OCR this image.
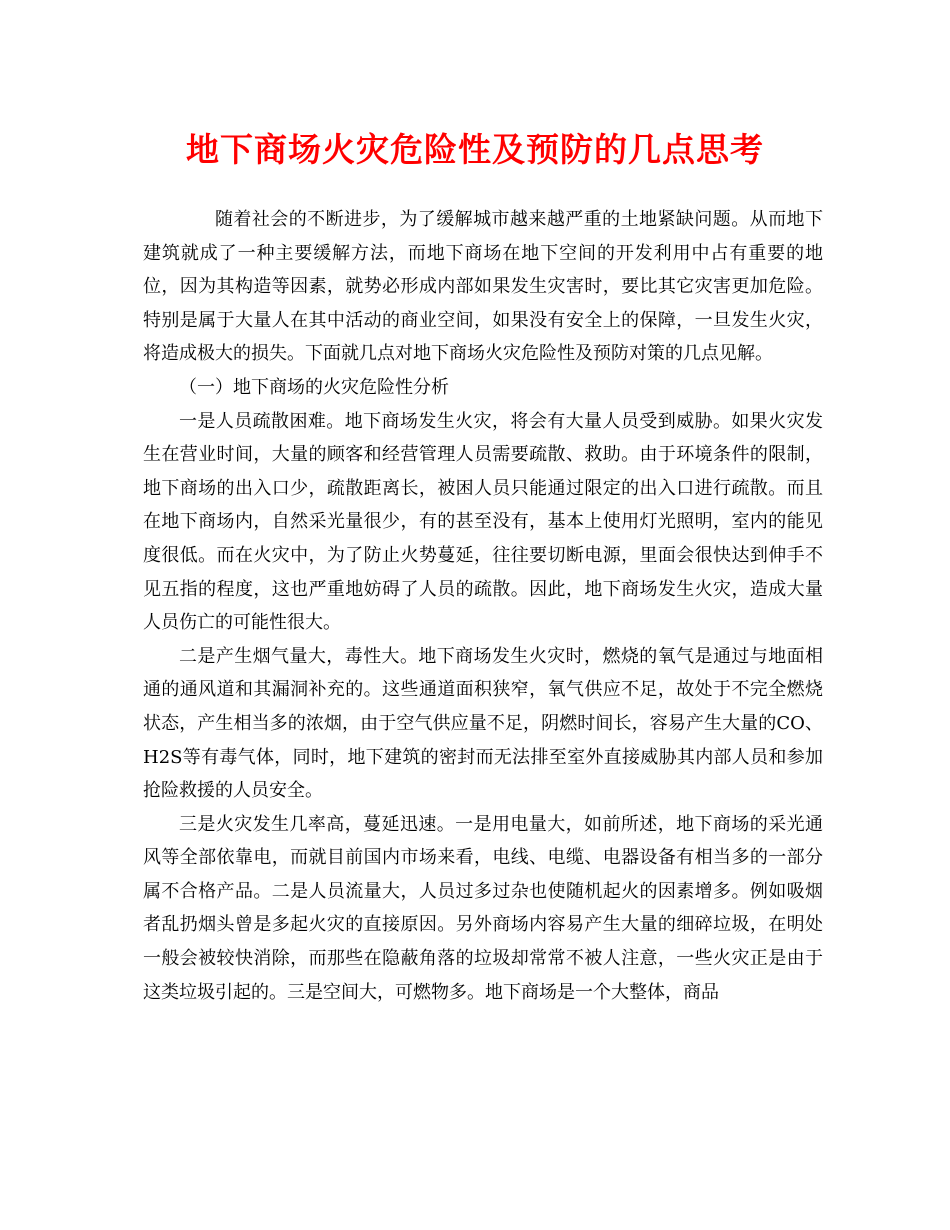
地下商场火灾危险性及预防的几点思考

随着社会的不断进步，为了缓解城市越来越严重的土地紧缺问题。从而地下建筑就成了一种主要缓解方法，而地下商场在地下空间的开发利用中占有重要的地位，因为其构造等因素，就势必形成内部如果发生灾害时，要比其它灾害更加危险。特别是属于大量人在其中活动的商业空间，如果没有安全上的保障，一旦发生火灾，将造成极大的损失。下面就几点对地下商场火灾危险性及预防对策的几点见解。

（一）地下商场的火灾危险性分析

一是人员疏散困难。地下商场发生火灾，将会有大量人员受到威胁。如果火灾发生在营业时间，大量的顾客和经营管理人员需要疏散、救助。由于环境条件的限制，地下商场的出入口少，疏散距离长，被困人员只能通过限定的出入口进行疏散。而且在地下商场内，自然采光量很少，有的甚至没有，基本上使用灯光照明，室内的能见度很低。而在火灾中，为了防止火势蔓延，往往要切断电源，里面会很快达到伸手不见五指的程度，这也严重地妨碍了人员的疏散。因此，地下商场发生火灾，造成大量人员伤亡的可能性很大。

二是产生烟气量大，毒性大。地下商场发生火灾时，燃烧的氧气是通过与地面相通的通风道和其漏洞补充的。这些通道面积狭窄，氧气供应不足，故处于不完全燃烧状态，产生相当多的浓烟，由于空气供应量不足，阴燃时间长，容易产生大量的CO、H2S等有毒气体，同时，地下建筑的密封而无法排至室外直接威胁其内部人员和参加抢险救援的人员安全。

三是火灾发生几率高，蔓延迅速。一是用电量大，如前所述，地下商场的采光通风等全部依靠电，而就目前国内市场来看，电线、电缆、电器设备有相当多的一部分属不合格产品。二是人员流量大，人员过多过杂也使随机起火的因素增多。例如吸烟者乱扔烟头曾是多起火灾的直接原因。另外商场内容易产生大量的细碎垃圾，在明处一般会被较快消除，而那些在隐蔽角落的垃圾却常常不被人注意，一些火灾正是由于这类垃圾引起的。三是空间大，可燃物多。地下商场是一个大整体，商品
